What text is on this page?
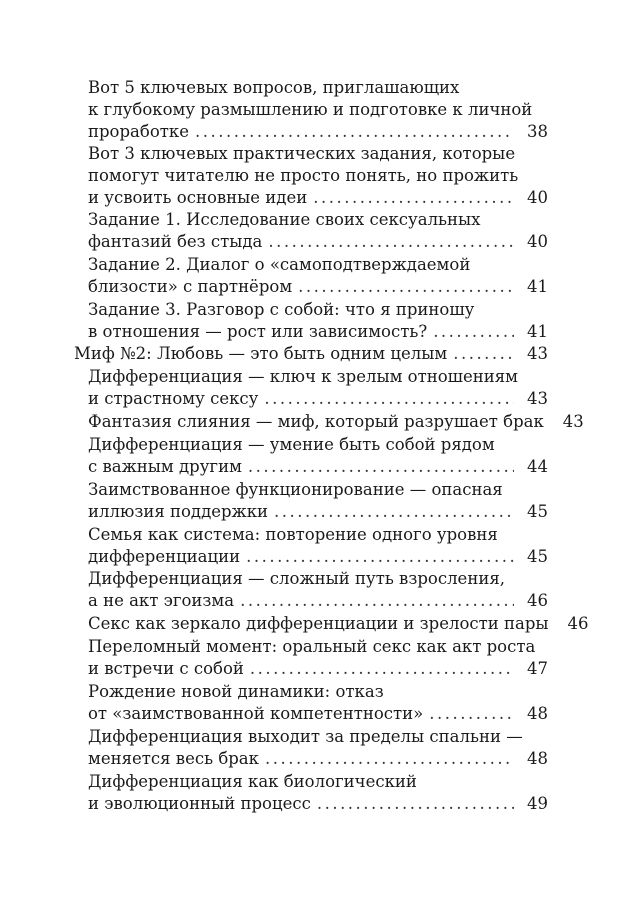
Вот 5 ключевых вопросов, приглашающих
к глубокому размышлению и подготовке к личной
проработке .....	38
Вот 3 ключевых практических задания, которые
помогут читателю не просто понять, но прожить
и усвоить основные идеи .....	40
Задание 1. Исследование своих сексуальных
фантазий без стыда .....	40
Задание 2. Диалог о «самоподтверждаемой
близости» с партнёром .....	41
Задание 3. Разговор с собой: что я приношу
в отношения — рост или зависимость? .....	41
Миф №2: Любовь — это быть одним целым .....	43
Дифференциация — ключ к зрелым отношениям
и страстному сексу .....	43
Фантазия слияния — миф, который разрушает брак	43
Дифференциация — умение быть собой рядом
с важным другим .....	44
Заимствованное функционирование — опасная
иллюзия поддержки .....	45
Семья как система: повторение одного уровня
дифференциации .....	45
Дифференциация — сложный путь взросления,
а не акт эгоизма .....	46
Секс как зеркало дифференциации и зрелости пары	46
Переломный момент: оральный секс как акт роста
и встречи с собой .....	47
Рождение новой динамики: отказ
от «заимствованной компетентности» .....	48
Дифференциация выходит за пределы спальни —
меняется весь брак .....	48
Дифференциация как биологический
и эволюционный процесс .....	49
